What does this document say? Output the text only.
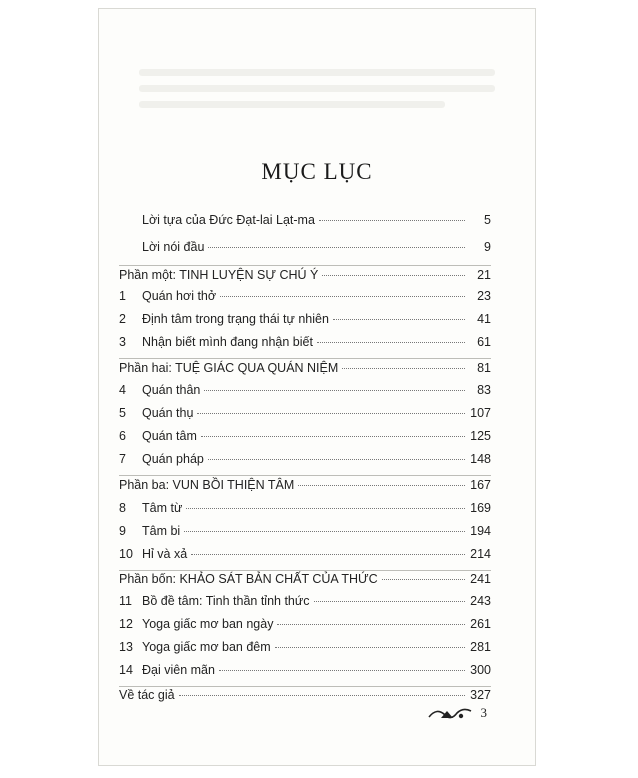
MỤC LỤC
Lời tựa của Đức Đạt-lai Lạt-ma	5
Lời nói đầu	9
Phần một: TINH LUYỆN SỰ CHÚ Ý	21
1	Quán hơi thở	23
2	Định tâm trong trạng thái tự nhiên	41
3	Nhận biết mình đang nhận biết	61
Phần hai: TUỆ GIÁC QUA QUÁN NIỆM	81
4	Quán thân	83
5	Quán thụ	107
6	Quán tâm	125
7	Quán pháp	148
Phần ba: VUN BỒI THIỆN TÂM	167
8	Tâm từ	169
9	Tâm bi	194
10 Hỉ và xả	214
Phần bốn: KHẢO SÁT BẢN CHẤT CỦA THỨC	241
11 Bồ đề tâm: Tinh thần tỉnh thức	243
12 Yoga giấc mơ ban ngày	261
13 Yoga giấc mơ ban đêm	281
14 Đại viên mãn	300
Về tác giả	327
3
